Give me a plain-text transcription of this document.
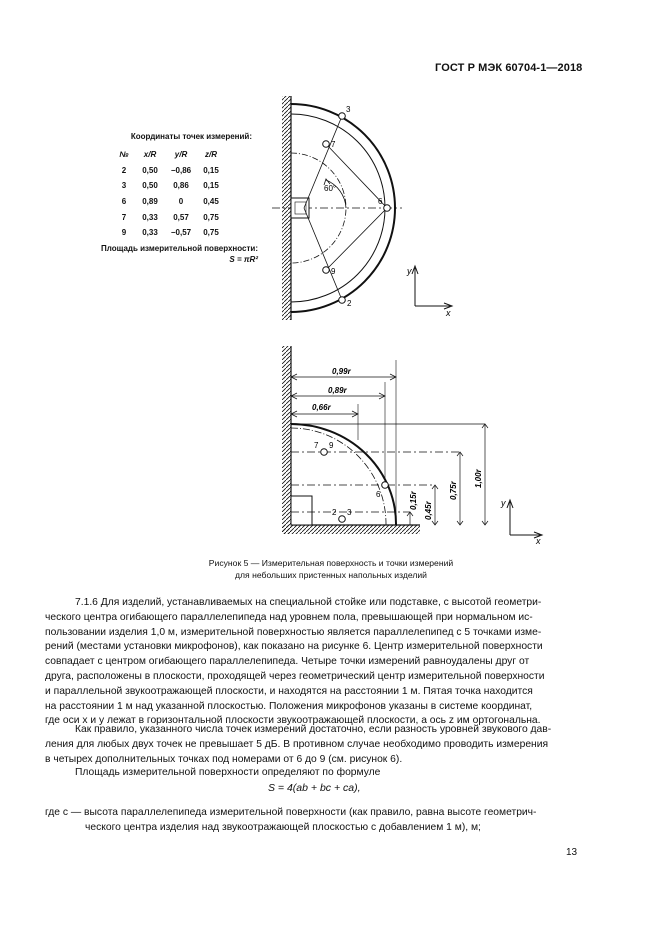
ГОСТ Р МЭК 60704-1—2018
Координаты точек измерений:
№	x/R	y/R	z/R
2	0,50	−0,86	0,15
3	0,50	0,86	0,15
6	0,89	0	0,45
7	0,33	0,57	0,75
9	0,33	−0,57	0,75
Площадь измерительной поверхности:
S = πR²
60°
3
7
6
9
2
y
x
0,99r
0,89r
0,66r
0,15r
0,45r
0,75r
1,00r
7 9
6
2 3
y
x
Рисунок 5 — Измерительная поверхность и точки измерений
для небольших пристенных напольных изделий
7.1.6 Для изделий, устанавливаемых на специальной стойке или подставке, с высотой геометри-
ческого центра огибающего параллелепипеда над уровнем пола, превышающей при нормальном ис-
пользовании изделия 1,0 м, измерительной поверхностью является параллелепипед с 5 точками изме-
рений (местами установки микрофонов), как показано на рисунке 6. Центр измерительной поверхности
совпадает с центром огибающего параллелепипеда. Четыре точки измерений равноудалены друг от
друга, расположены в плоскости, проходящей через геометрический центр измерительной поверхности
и параллельной звукоотражающей плоскости, и находятся на расстоянии 1 м. Пятая точка находится
на расстоянии 1 м над указанной плоскостью. Положения микрофонов указаны в системе координат,
где оси x и y лежат в горизонтальной плоскости звукоотражающей плоскости, а ось z им ортогональна.
Как правило, указанного числа точек измерений достаточно, если разность уровней звукового дав-
ления для любых двух точек не превышает 5 дБ. В противном случае необходимо проводить измерения
в четырех дополнительных точках под номерами от 6 до 9 (см. рисунок 6).
Площадь измерительной поверхности определяют по формуле
S = 4(ab + bc + ca),
где c — высота параллелепипеда измерительной поверхности (как правило, равна высоте геометрич-
ческого центра изделия над звукоотражающей плоскостью с добавлением 1 м), м;
13
